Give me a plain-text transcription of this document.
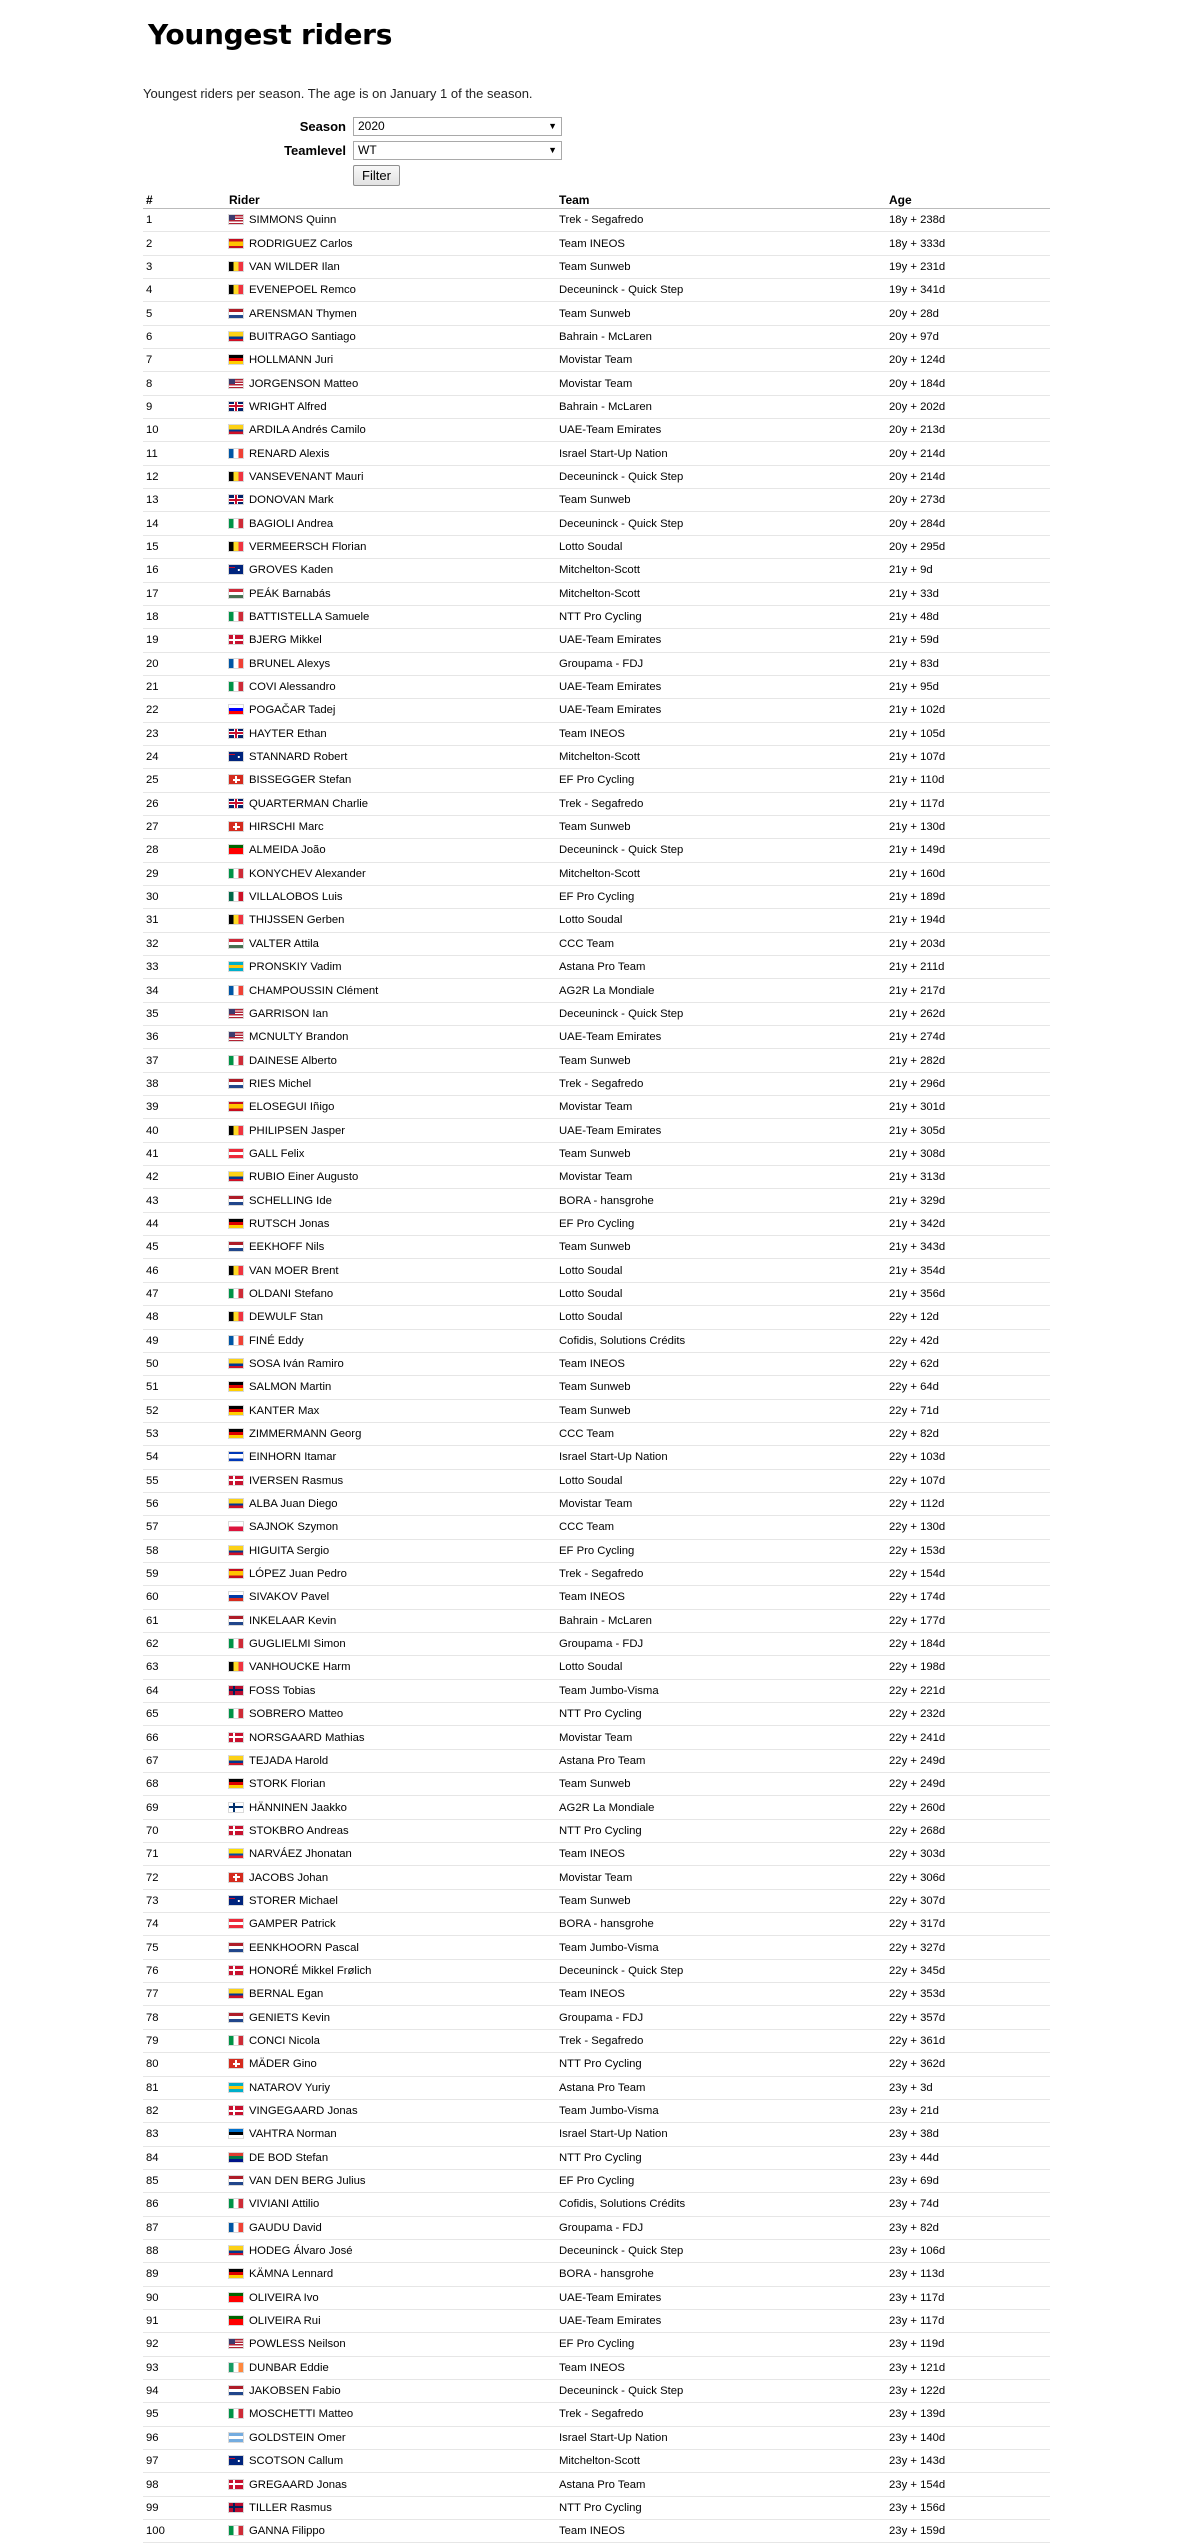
Youngest riders
Youngest riders per season. The age is on January 1 of the season.
Season	2020	▼
Teamlevel	WT	▼
Filter
#	Rider	Team	Age
1	SIMMONS Quinn	Trek - Segafredo	18y + 238d
2	RODRIGUEZ Carlos	Team INEOS	18y + 333d
3	VAN WILDER Ilan	Team Sunweb	19y + 231d
4	EVENEPOEL Remco	Deceuninck - Quick Step	19y + 341d
5	ARENSMAN Thymen	Team Sunweb	20y + 28d
6	BUITRAGO Santiago	Bahrain - McLaren	20y + 97d
7	HOLLMANN Juri	Movistar Team	20y + 124d
8	JORGENSON Matteo	Movistar Team	20y + 184d
9	WRIGHT Alfred	Bahrain - McLaren	20y + 202d
10	ARDILA Andrés Camilo	UAE-Team Emirates	20y + 213d
11	RENARD Alexis	Israel Start-Up Nation	20y + 214d
12	VANSEVENANT Mauri	Deceuninck - Quick Step	20y + 214d
13	DONOVAN Mark	Team Sunweb	20y + 273d
14	BAGIOLI Andrea	Deceuninck - Quick Step	20y + 284d
15	VERMEERSCH Florian	Lotto Soudal	20y + 295d
16	GROVES Kaden	Mitchelton-Scott	21y + 9d
17	PEÁK Barnabás	Mitchelton-Scott	21y + 33d
18	BATTISTELLA Samuele	NTT Pro Cycling	21y + 48d
19	BJERG Mikkel	UAE-Team Emirates	21y + 59d
20	BRUNEL Alexys	Groupama - FDJ	21y + 83d
21	COVI Alessandro	UAE-Team Emirates	21y + 95d
22	POGAČAR Tadej	UAE-Team Emirates	21y + 102d
23	HAYTER Ethan	Team INEOS	21y + 105d
24	STANNARD Robert	Mitchelton-Scott	21y + 107d
25	BISSEGGER Stefan	EF Pro Cycling	21y + 110d
26	QUARTERMAN Charlie	Trek - Segafredo	21y + 117d
27	HIRSCHI Marc	Team Sunweb	21y + 130d
28	ALMEIDA João	Deceuninck - Quick Step	21y + 149d
29	KONYCHEV Alexander	Mitchelton-Scott	21y + 160d
30	VILLALOBOS Luis	EF Pro Cycling	21y + 189d
31	THIJSSEN Gerben	Lotto Soudal	21y + 194d
32	VALTER Attila	CCC Team	21y + 203d
33	PRONSKIY Vadim	Astana Pro Team	21y + 211d
34	CHAMPOUSSIN Clément	AG2R La Mondiale	21y + 217d
35	GARRISON Ian	Deceuninck - Quick Step	21y + 262d
36	MCNULTY Brandon	UAE-Team Emirates	21y + 274d
37	DAINESE Alberto	Team Sunweb	21y + 282d
38	RIES Michel	Trek - Segafredo	21y + 296d
39	ELOSEGUI Iñigo	Movistar Team	21y + 301d
40	PHILIPSEN Jasper	UAE-Team Emirates	21y + 305d
41	GALL Felix	Team Sunweb	21y + 308d
42	RUBIO Einer Augusto	Movistar Team	21y + 313d
43	SCHELLING Ide	BORA - hansgrohe	21y + 329d
44	RUTSCH Jonas	EF Pro Cycling	21y + 342d
45	EEKHOFF Nils	Team Sunweb	21y + 343d
46	VAN MOER Brent	Lotto Soudal	21y + 354d
47	OLDANI Stefano	Lotto Soudal	21y + 356d
48	DEWULF Stan	Lotto Soudal	22y + 12d
49	FINÉ Eddy	Cofidis, Solutions Crédits	22y + 42d
50	SOSA Iván Ramiro	Team INEOS	22y + 62d
51	SALMON Martin	Team Sunweb	22y + 64d
52	KANTER Max	Team Sunweb	22y + 71d
53	ZIMMERMANN Georg	CCC Team	22y + 82d
54	EINHORN Itamar	Israel Start-Up Nation	22y + 103d
55	IVERSEN Rasmus	Lotto Soudal	22y + 107d
56	ALBA Juan Diego	Movistar Team	22y + 112d
57	SAJNOK Szymon	CCC Team	22y + 130d
58	HIGUITA Sergio	EF Pro Cycling	22y + 153d
59	LÓPEZ Juan Pedro	Trek - Segafredo	22y + 154d
60	SIVAKOV Pavel	Team INEOS	22y + 174d
61	INKELAAR Kevin	Bahrain - McLaren	22y + 177d
62	GUGLIELMI Simon	Groupama - FDJ	22y + 184d
63	VANHOUCKE Harm	Lotto Soudal	22y + 198d
64	FOSS Tobias	Team Jumbo-Visma	22y + 221d
65	SOBRERO Matteo	NTT Pro Cycling	22y + 232d
66	NORSGAARD Mathias	Movistar Team	22y + 241d
67	TEJADA Harold	Astana Pro Team	22y + 249d
68	STORK Florian	Team Sunweb	22y + 249d
69	HÄNNINEN Jaakko	AG2R La Mondiale	22y + 260d
70	STOKBRO Andreas	NTT Pro Cycling	22y + 268d
71	NARVÁEZ Jhonatan	Team INEOS	22y + 303d
72	JACOBS Johan	Movistar Team	22y + 306d
73	STORER Michael	Team Sunweb	22y + 307d
74	GAMPER Patrick	BORA - hansgrohe	22y + 317d
75	EENKHOORN Pascal	Team Jumbo-Visma	22y + 327d
76	HONORÉ Mikkel Frølich	Deceuninck - Quick Step	22y + 345d
77	BERNAL Egan	Team INEOS	22y + 353d
78	GENIETS Kevin	Groupama - FDJ	22y + 357d
79	CONCI Nicola	Trek - Segafredo	22y + 361d
80	MÄDER Gino	NTT Pro Cycling	22y + 362d
81	NATAROV Yuriy	Astana Pro Team	23y + 3d
82	VINGEGAARD Jonas	Team Jumbo-Visma	23y + 21d
83	VAHTRA Norman	Israel Start-Up Nation	23y + 38d
84	DE BOD Stefan	NTT Pro Cycling	23y + 44d
85	VAN DEN BERG Julius	EF Pro Cycling	23y + 69d
86	VIVIANI Attilio	Cofidis, Solutions Crédits	23y + 74d
87	GAUDU David	Groupama - FDJ	23y + 82d
88	HODEG Álvaro José	Deceuninck - Quick Step	23y + 106d
89	KÄMNA Lennard	BORA - hansgrohe	23y + 113d
90	OLIVEIRA Ivo	UAE-Team Emirates	23y + 117d
91	OLIVEIRA Rui	UAE-Team Emirates	23y + 117d
92	POWLESS Neilson	EF Pro Cycling	23y + 119d
93	DUNBAR Eddie	Team INEOS	23y + 121d
94	JAKOBSEN Fabio	Deceuninck - Quick Step	23y + 122d
95	MOSCHETTI Matteo	Trek - Segafredo	23y + 139d
96	GOLDSTEIN Omer	Israel Start-Up Nation	23y + 140d
97	SCOTSON Callum	Mitchelton-Scott	23y + 143d
98	GREGAARD Jonas	Astana Pro Team	23y + 154d
99	TILLER Rasmus	NTT Pro Cycling	23y + 156d
100	GANNA Filippo	Team INEOS	23y + 159d
